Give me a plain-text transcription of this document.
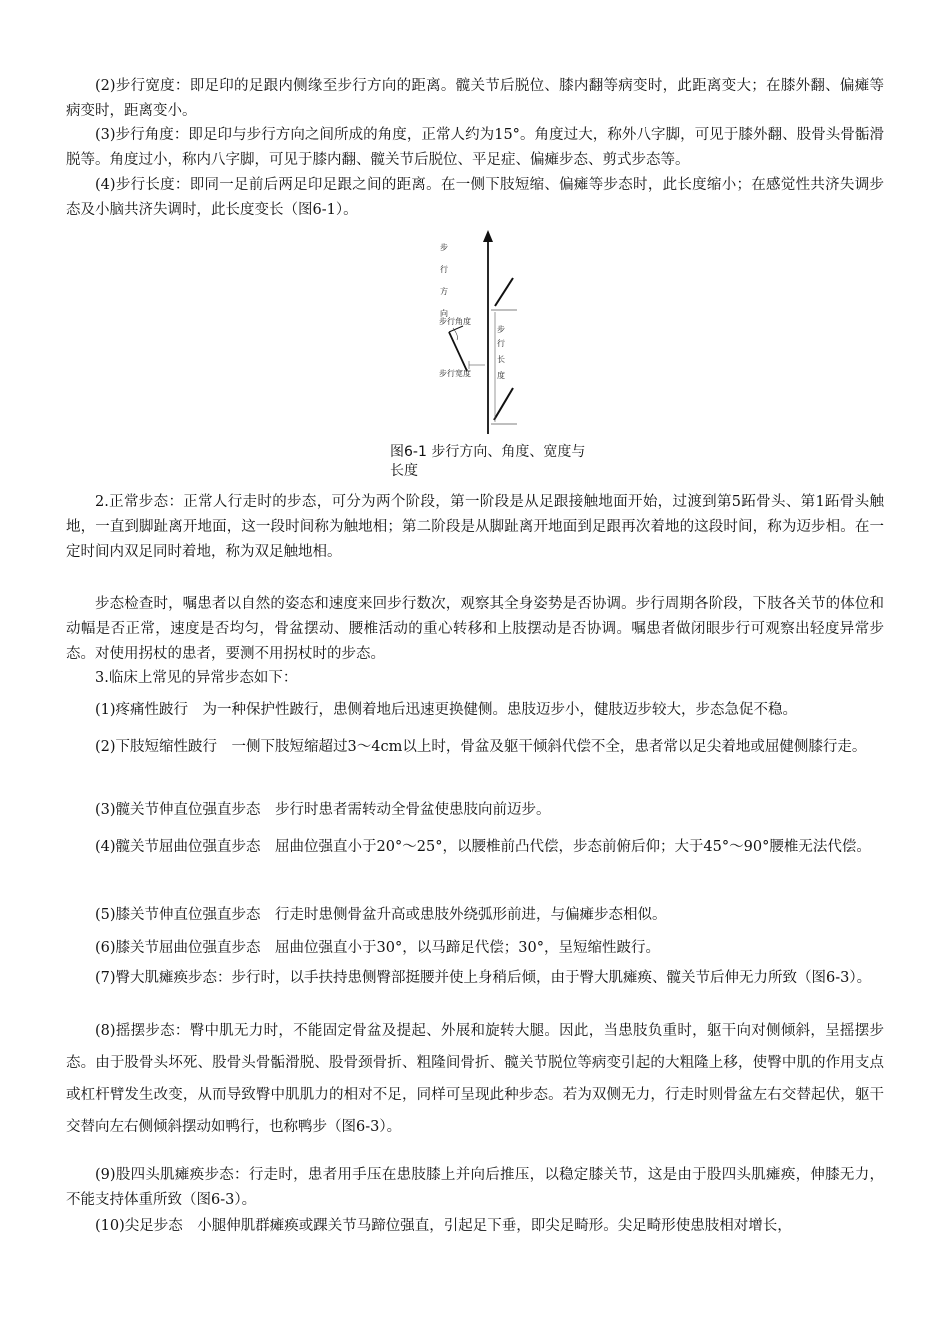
(2)步行宽度：即足印的足跟内侧缘至步行方向的距离。髋关节后脱位、膝内翻等病变时，此距离变大；在膝外翻、偏瘫等病变时，距离变小。
(3)步行角度：即足印与步行方向之间所成的角度，正常人约为15°。角度过大，称外八字脚，可见于膝外翻、股骨头骨骺滑脱等。角度过小，称内八字脚，可见于膝内翻、髋关节后脱位、平足症、偏瘫步态、剪式步态等。
(4)步行长度：即同一足前后两足印足跟之间的距离。在一侧下肢短缩、偏瘫等步态时，此长度缩小；在感觉性共济失调步态及小脑共济失调时，此长度变长（图6-1）。
步
行
方
向
步
行
长
度
步行角度
步行宽度
图6-1 步行方向、角度、宽度与
长度
2.正常步态：正常人行走时的步态，可分为两个阶段，第一阶段是从足跟接触地面开始，过渡到第5跖骨头、第1跖骨头触地，一直到脚趾离开地面，这一段时间称为触地相；第二阶段是从脚趾离开地面到足跟再次着地的这段时间，称为迈步相。在一定时间内双足同时着地，称为双足触地相。
步态检查时，嘱患者以自然的姿态和速度来回步行数次，观察其全身姿势是否协调。步行周期各阶段，下肢各关节的体位和动幅是否正常，速度是否均匀，骨盆摆动、腰椎活动的重心转移和上肢摆动是否协调。嘱患者做闭眼步行可观察出轻度异常步态。对使用拐杖的患者，要测不用拐杖时的步态。
3.临床上常见的异常步态如下：
(1)疼痛性跛行　为一种保护性跛行，患侧着地后迅速更换健侧。患肢迈步小，健肢迈步较大，步态急促不稳。
(2)下肢短缩性跛行　一侧下肢短缩超过3～4cm以上时，骨盆及躯干倾斜代偿不全，患者常以足尖着地或屈健侧膝行走。
(3)髋关节伸直位强直步态　步行时患者需转动全骨盆使患肢向前迈步。
(4)髋关节屈曲位强直步态　屈曲位强直小于20°～25°，以腰椎前凸代偿，步态前俯后仰；大于45°～90°腰椎无法代偿。
(5)膝关节伸直位强直步态　行走时患侧骨盆升高或患肢外绕弧形前进，与偏瘫步态相似。
(6)膝关节屈曲位强直步态　屈曲位强直小于30°，以马蹄足代偿；30°，呈短缩性跛行。
(7)臀大肌瘫痪步态：步行时，以手扶持患侧臀部挺腰并使上身稍后倾，由于臀大肌瘫痪、髋关节后伸无力所致（图6-3）。
(8)摇摆步态：臀中肌无力时，不能固定骨盆及提起、外展和旋转大腿。因此，当患肢负重时，躯干向对侧倾斜，呈摇摆步态。由于股骨头坏死、股骨头骨骺滑脱、股骨颈骨折、粗隆间骨折、髋关节脱位等病变引起的大粗隆上移，使臀中肌的作用支点或杠杆臂发生改变，从而导致臀中肌肌力的相对不足，同样可呈现此种步态。若为双侧无力，行走时则骨盆左右交替起伏，躯干交替向左右侧倾斜摆动如鸭行，也称鸭步（图6-3）。
(9)股四头肌瘫痪步态：行走时，患者用手压在患肢膝上并向后推压，以稳定膝关节，这是由于股四头肌瘫痪，伸膝无力，不能支持体重所致（图6-3）。
(10)尖足步态　小腿伸肌群瘫痪或踝关节马蹄位强直，引起足下垂，即尖足畸形。尖足畸形使患肢相对增长，
